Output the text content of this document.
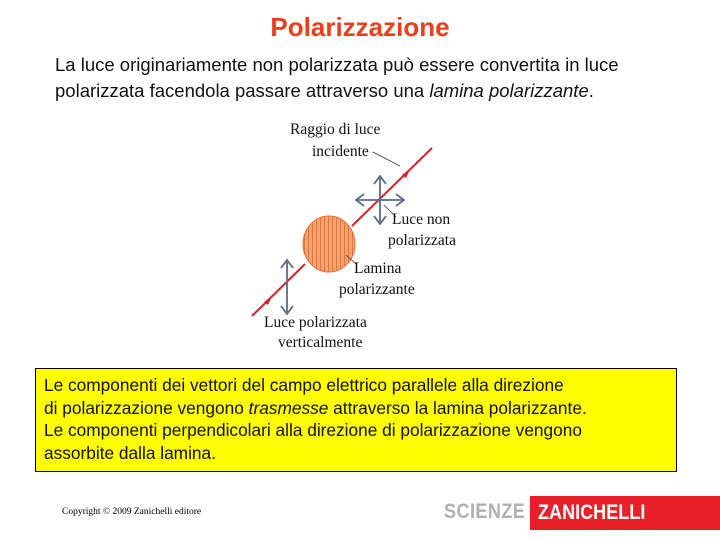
Polarizzazione
La luce originariamente non polarizzata può essere convertita in luce
polarizzata facendola passare attraverso una lamina polarizzante.
Raggio di luce
incidente
Luce non
polarizzata
Lamina
polarizzante
Luce polarizzata
verticalmente
Le componenti dei vettori del campo elettrico parallele alla direzione
di polarizzazione vengono trasmesse attraverso la lamina polarizzante.
Le componenti perpendicolari alla direzione di polarizzazione vengono
assorbite dalla lamina.
Copyright © 2009 Zanichelli editore	SCIENZE ZANICHELLI
